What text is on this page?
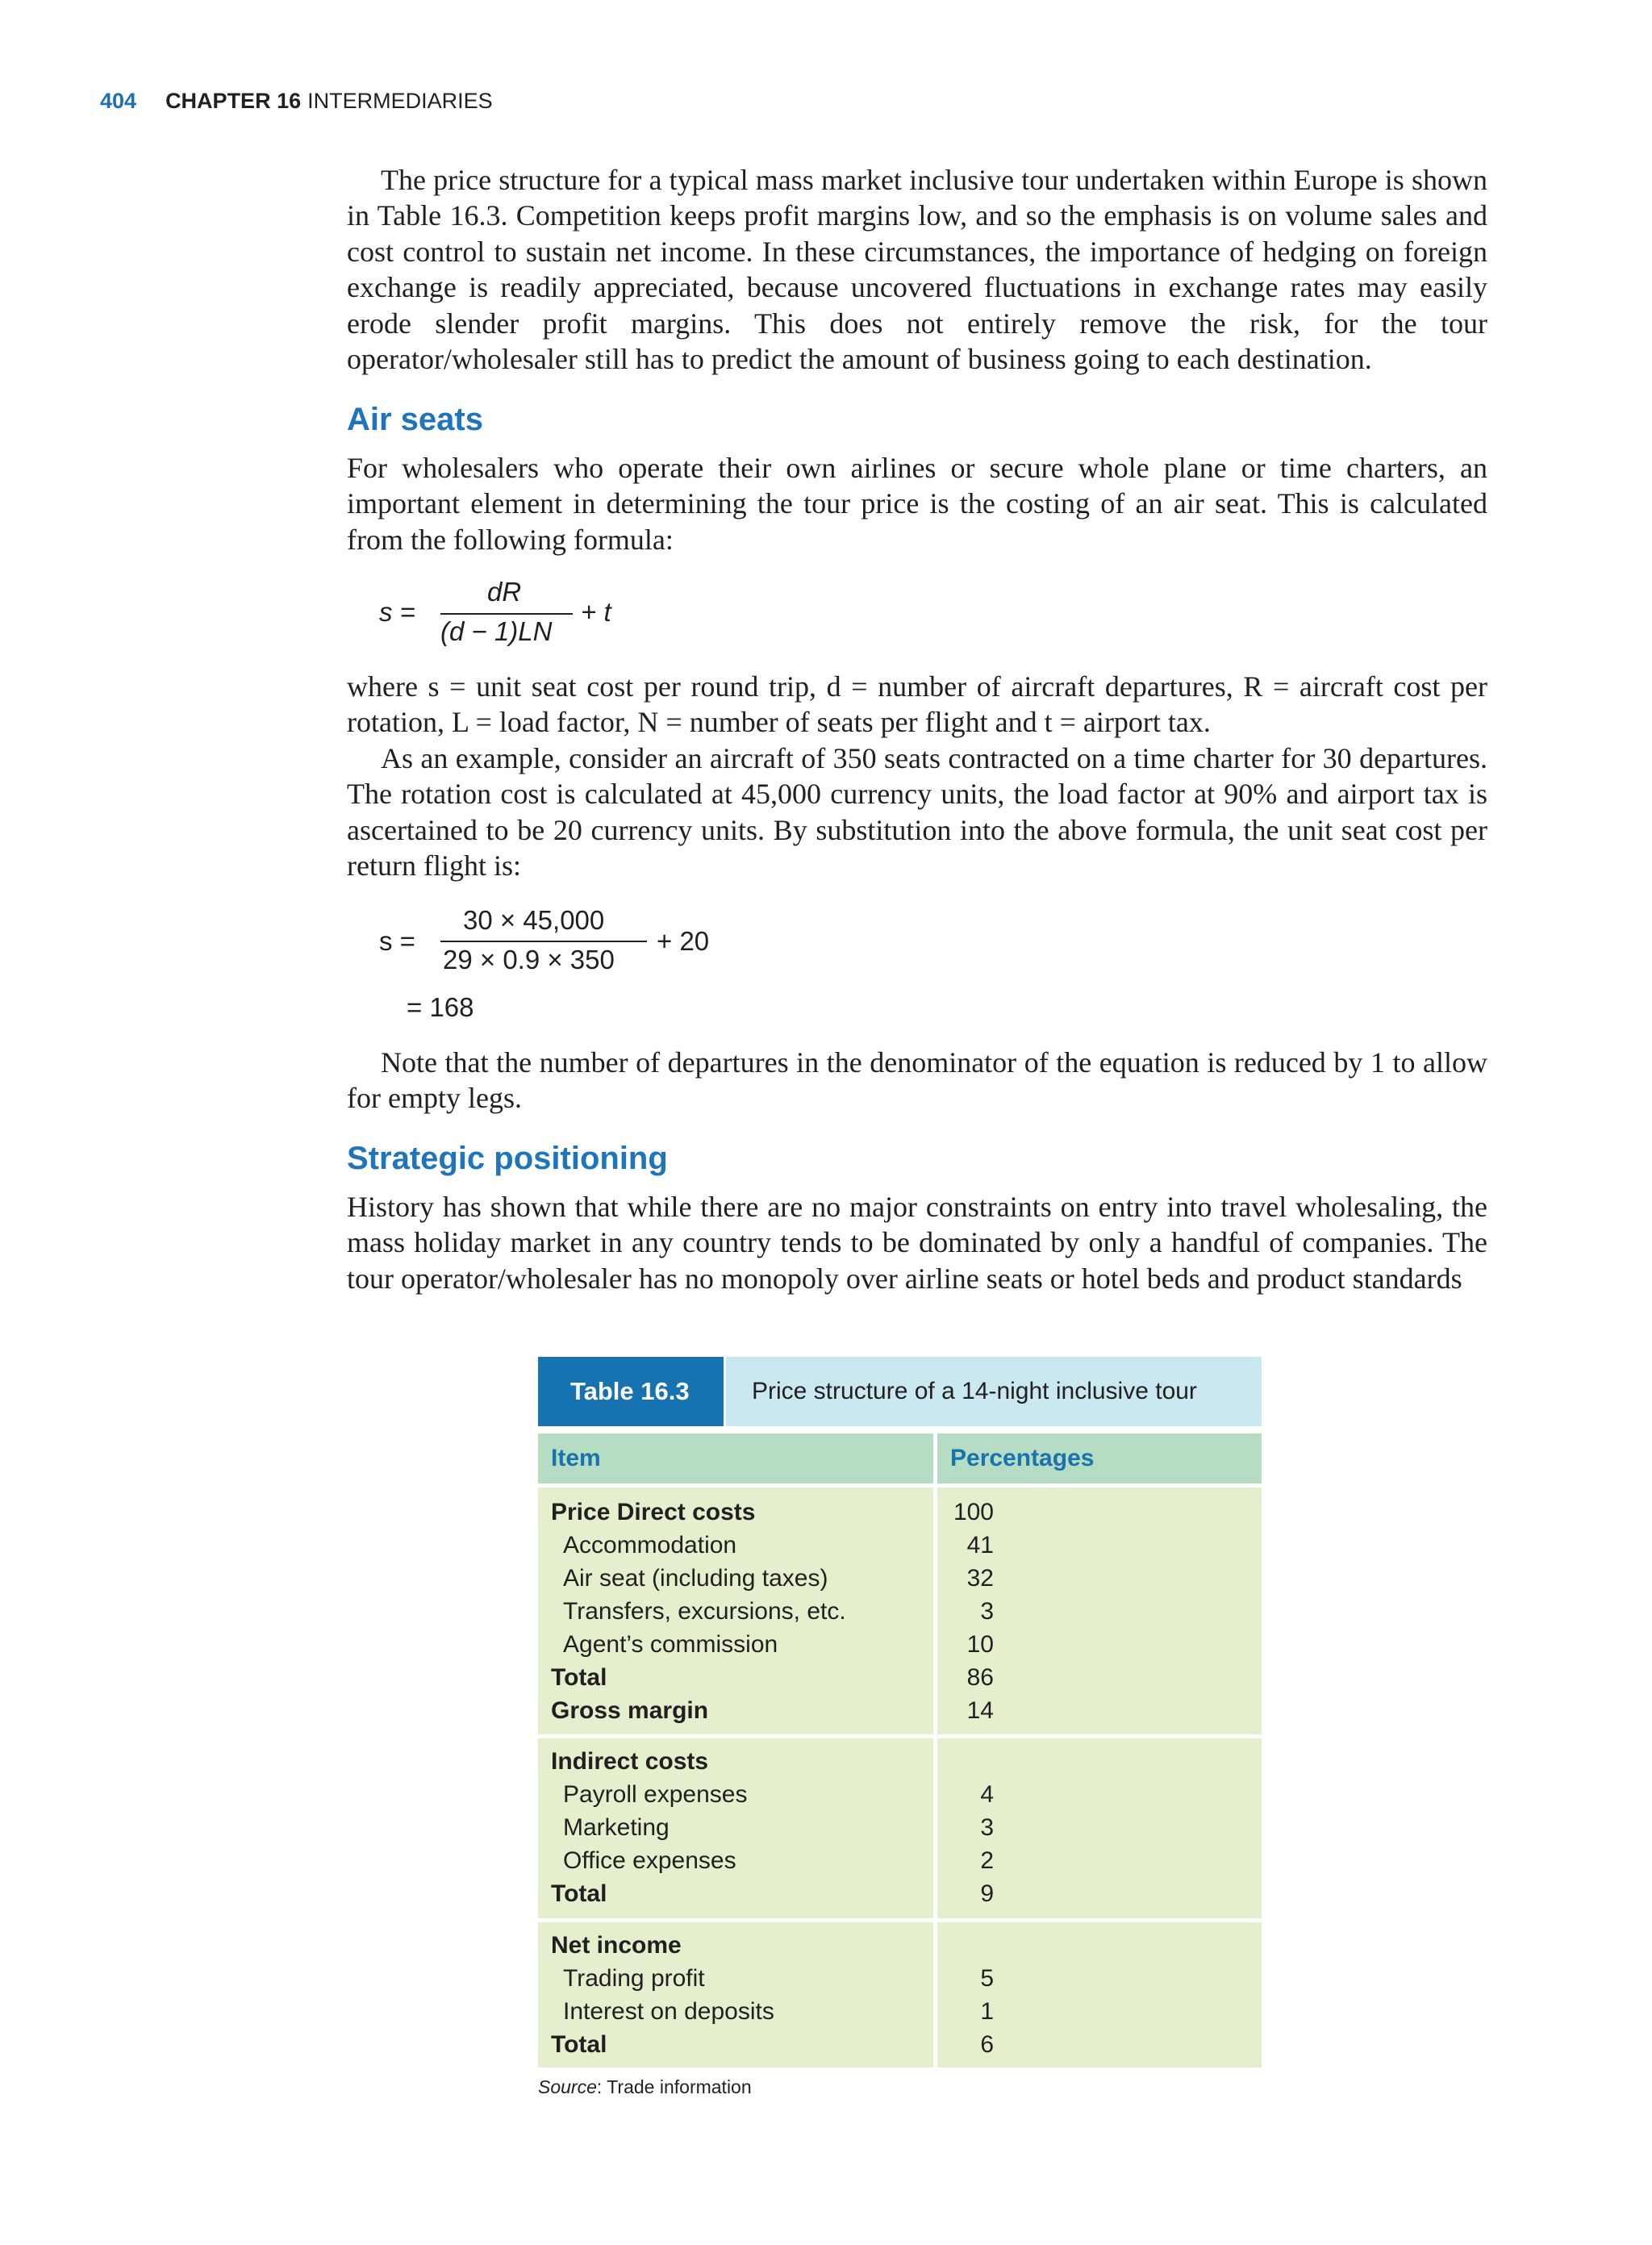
404 CHAPTER 16 INTERMEDIARIES

The price structure for a typical mass market inclusive tour undertaken within Europe is shown in Table 16.3. Competition keeps profit margins low, and so the emphasis is on volume sales and cost control to sustain net income. In these circumstances, the importance of hedging on foreign exchange is readily appreciated, because uncovered fluctuations in exchange rates may easily erode slender profit margins. This does not entirely remove the risk, for the tour operator/wholesaler still has to predict the amount of business going to each destination.

Air seats

For wholesalers who operate their own airlines or secure whole plane or time charters, an important element in determining the tour price is the costing of an air seat. This is calculated from the following formula:

s =
dR
(d − 1)LN
+ t

where s = unit seat cost per round trip, d = number of aircraft departures, R = aircraft cost per rotation, L = load factor, N = number of seats per flight and t = airport tax.

As an example, consider an aircraft of 350 seats contracted on a time charter for 30 departures. The rotation cost is calculated at 45,000 currency units, the load factor at 90% and airport tax is ascertained to be 20 currency units. By substitution into the above formula, the unit seat cost per return flight is:

s =
30 × 45,000
29 × 0.9 × 350
+ 20
= 168

Note that the number of departures in the denominator of the equation is reduced by 1 to allow for empty legs.

Strategic positioning

History has shown that while there are no major constraints on entry into travel wholesaling, the mass holiday market in any country tends to be dominated by only a handful of companies. The tour operator/wholesaler has no monopoly over airline seats or hotel beds and product standards

Table 16.3	Price structure of a 14-night inclusive tour
Item	Percentages
Price Direct costs	100
Accommodation	41
Air seat (including taxes)	32
Transfers, excursions, etc.	3
Agent’s commission	10
Total	86
Gross margin	14
Indirect costs
Payroll expenses	4
Marketing	3
Office expenses	2
Total	9
Net income
Trading profit	5
Interest on deposits	1
Total	6
Source: Trade information
